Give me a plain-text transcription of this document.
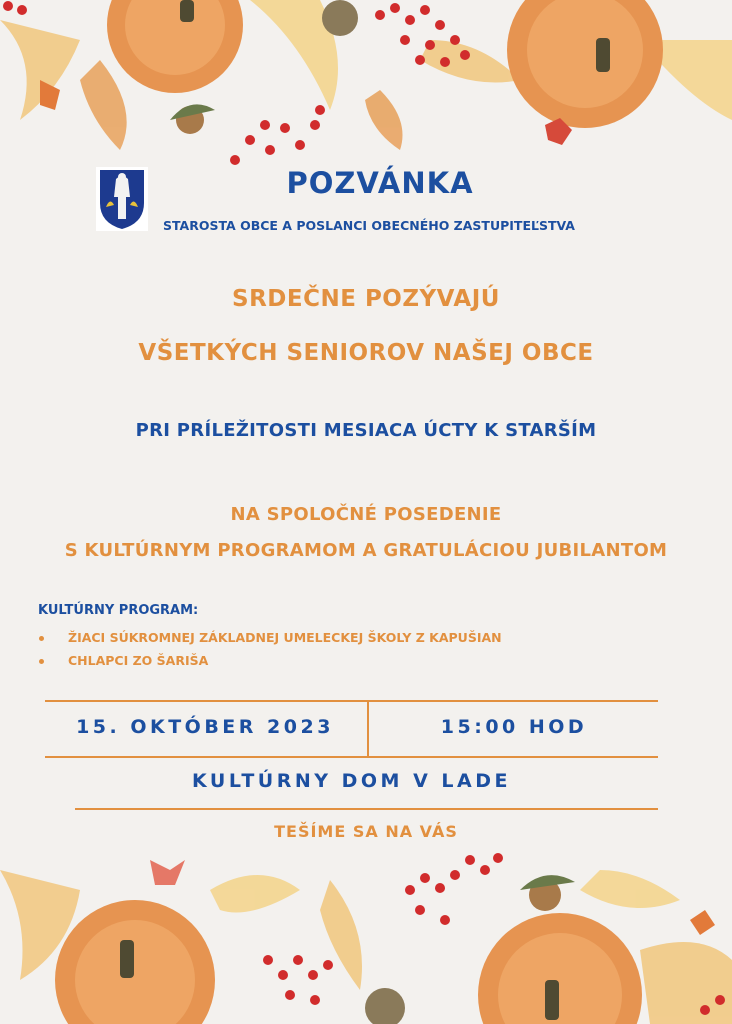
POZVÁNKA
STAROSTA OBCE A POSLANCI OBECNÉHO ZASTUPITEĽSTVA
SRDEČNE POZÝVAJÚ
VŠETKÝCH SENIOROV NAŠEJ OBCE
PRI PRÍLEŽITOSTI MESIACA ÚCTY K STARŠÍM
NA SPOLOČNÉ POSEDENIE
S KULTÚRNYM PROGRAMOM A GRATULÁCIOU JUBILANTOM
KULTÚRNY PROGRAM:
ŽIACI SÚKROMNEJ ZÁKLADNEJ UMELECKEJ ŠKOLY Z KAPUŠIAN
CHLAPCI ZO ŠARIŠA
15. OKTÓBER 2023	15:00 HOD
KULTÚRNY DOM V LADE
TEŠÍME SA NA VÁS
